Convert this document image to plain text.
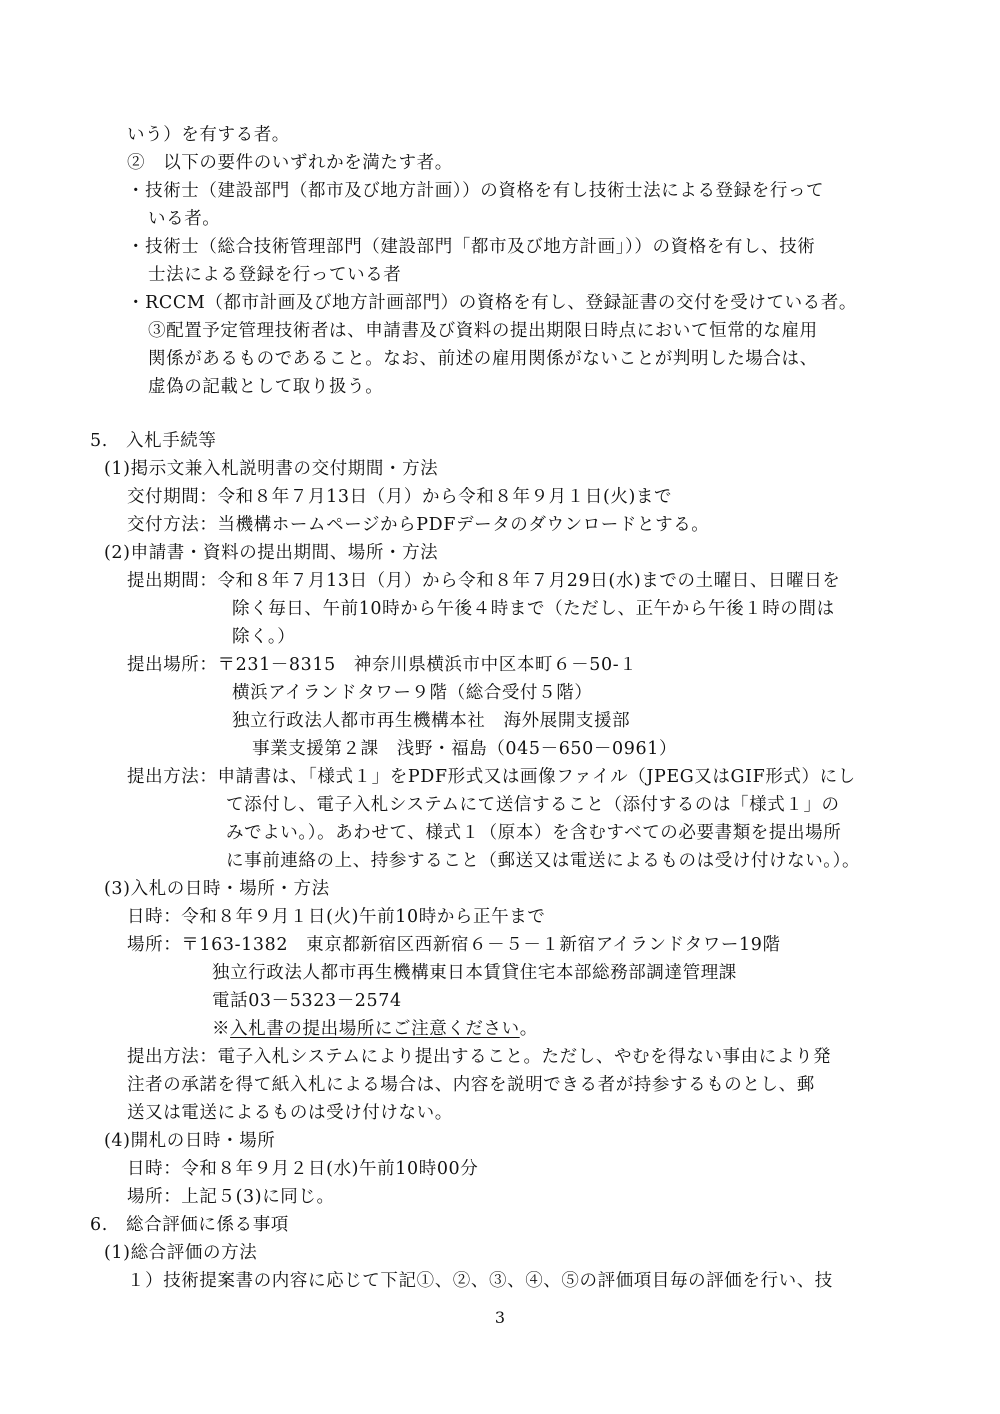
いう）を有する者。
②　以下の要件のいずれかを満たす者。
・技術士（建設部門（都市及び地方計画））の資格を有し技術士法による登録を行って
いる者。
・技術士（総合技術管理部門（建設部門「都市及び地方計画」））の資格を有し、技術
士法による登録を行っている者
・RCCM（都市計画及び地方計画部門）の資格を有し、登録証書の交付を受けている者。
③配置予定管理技術者は、申請書及び資料の提出期限日時点において恒常的な雇用
関係があるものであること。なお、前述の雇用関係がないことが判明した場合は、
虚偽の記載として取り扱う。
5.　入札手続等
(1)掲示文兼入札説明書の交付期間・方法
交付期間：令和８年７月13日（月）から令和８年９月１日(火)まで
交付方法：当機構ホームページからPDFデータのダウンロードとする。
(2)申請書・資料の提出期間、場所・方法
提出期間：令和８年７月13日（月）から令和８年７月29日(水)までの土曜日、日曜日を
除く毎日、午前10時から午後４時まで（ただし、正午から午後１時の間は
除く。）
提出場所：〒231－8315　神奈川県横浜市中区本町６－50-１
横浜アイランドタワー９階（総合受付５階）
独立行政法人都市再生機構本社　海外展開支援部
事業支援第２課　浅野・福島（045－650－0961）
提出方法：申請書は、「様式１」をPDF形式又は画像ファイル（JPEG又はGIF形式）にし
て添付し、電子入札システムにて送信すること（添付するのは「様式１」の
みでよい。）。あわせて、様式１（原本）を含むすべての必要書類を提出場所
に事前連絡の上、持参すること（郵送又は電送によるものは受け付けない。）。
(3)入札の日時・場所・方法
日時：令和８年９月１日(火)午前10時から正午まで
場所：〒163-1382　東京都新宿区西新宿６－５－１新宿アイランドタワー19階
独立行政法人都市再生機構東日本賃貸住宅本部総務部調達管理課
電話03－5323－2574
※入札書の提出場所にご注意ください。
提出方法：電子入札システムにより提出すること。ただし、やむを得ない事由により発
注者の承諾を得て紙入札による場合は、内容を説明できる者が持参するものとし、郵
送又は電送によるものは受け付けない。
(4)開札の日時・場所
日時：令和８年９月２日(水)午前10時00分
場所：上記５(3)に同じ。
6.　総合評価に係る事項
(1)総合評価の方法
１）技術提案書の内容に応じて下記①、②、③、④、⑤の評価項目毎の評価を行い、技
3
